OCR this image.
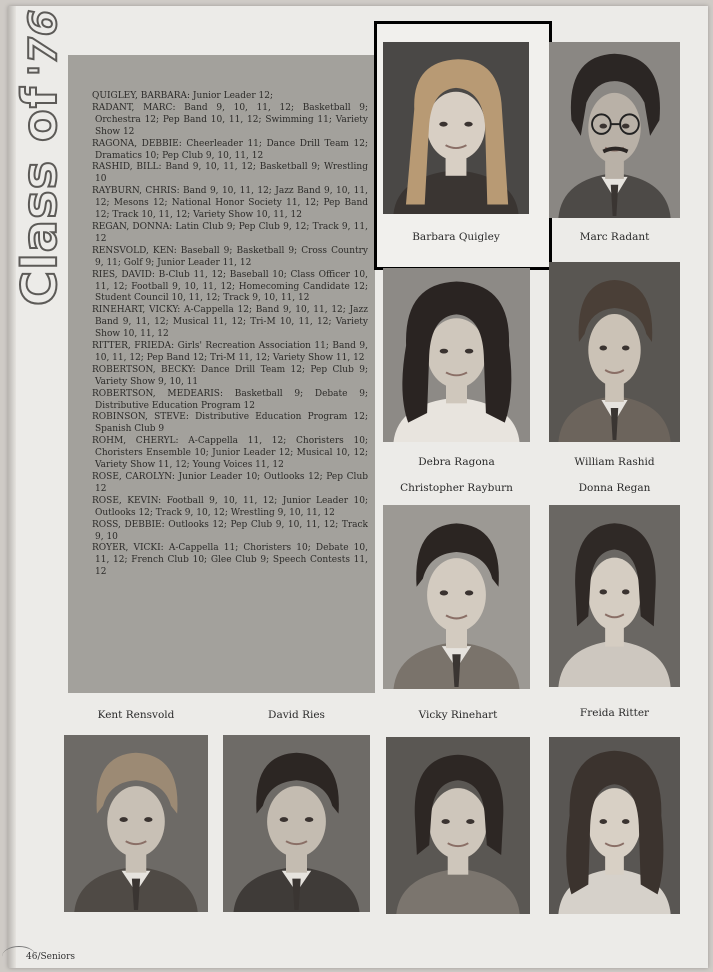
Class of'76

QUIGLEY, BARBARA: Junior Leader 12;

RADANT, MARC: Band 9, 10, 11, 12; Basketball 9; Orchestra 12; Pep Band 10, 11, 12; Swimming 11; Variety Show 12

RAGONA, DEBBIE: Cheerleader 11; Dance Drill Team 12; Dramatics 10; Pep Club 9, 10, 11, 12

RASHID, BILL: Band 9, 10, 11, 12; Basketball 9; Wrestling 10

RAYBURN, CHRIS: Band 9, 10, 11, 12; Jazz Band 9, 10, 11, 12; Mesons 12; National Honor Society 11, 12; Pep Band 12; Track 10, 11, 12; Variety Show 10, 11, 12

REGAN, DONNA: Latin Club 9; Pep Club 9, 12; Track 9, 11, 12

RENSVOLD, KEN: Baseball 9; Basketball 9; Cross Country 9, 11; Golf 9; Junior Leader 11, 12

RIES, DAVID: B-Club 11, 12; Baseball 10; Class Officer 10, 11, 12; Football 9, 10, 11, 12; Homecoming Candidate 12; Student Council 10, 11, 12; Track 9, 10, 11, 12

RINEHART, VICKY: A-Cappella 12; Band 9, 10, 11, 12; Jazz Band 9, 11, 12; Musical 11, 12; Tri-M 10, 11, 12; Variety Show 10, 11, 12

RITTER, FRIEDA: Girls' Recreation Association 11; Band 9, 10, 11, 12; Pep Band 12; Tri-M 11, 12; Variety Show 11, 12

ROBERTSON, BECKY: Dance Drill Team 12; Pep Club 9; Variety Show 9, 10, 11

ROBERTSON, MEDEARIS: Basketball 9; Debate 9; Distributive Education Program 12

ROBINSON, STEVE: Distributive Education Program 12; Spanish Club 9

ROHM, CHERYL: A-Cappella 11, 12; Choristers 10; Choristers Ensemble 10; Junior Leader 12; Musical 10, 12; Variety Show 11, 12; Young Voices 11, 12

ROSE, CAROLYN: Junior Leader 10; Outlooks 12; Pep Club 12

ROSE, KEVIN: Football 9, 10, 11, 12; Junior Leader 10; Outlooks 12; Track 9, 10, 12; Wrestling 9, 10, 11, 12

ROSS, DEBBIE: Outlooks 12; Pep Club 9, 10, 11, 12; Track 9, 10

ROYER, VICKI: A-Cappella 11; Choristers 10; Debate 10, 11, 12; French Club 10; Glee Club 9; Speech Contests 11, 12

Barbara Quigley	Marc Radant
Debra Ragona	William Rashid
Christopher Rayburn	Donna Regan
Kent Rensvold	David Ries	Vicky Rinehart	Freida Ritter
46/Seniors
